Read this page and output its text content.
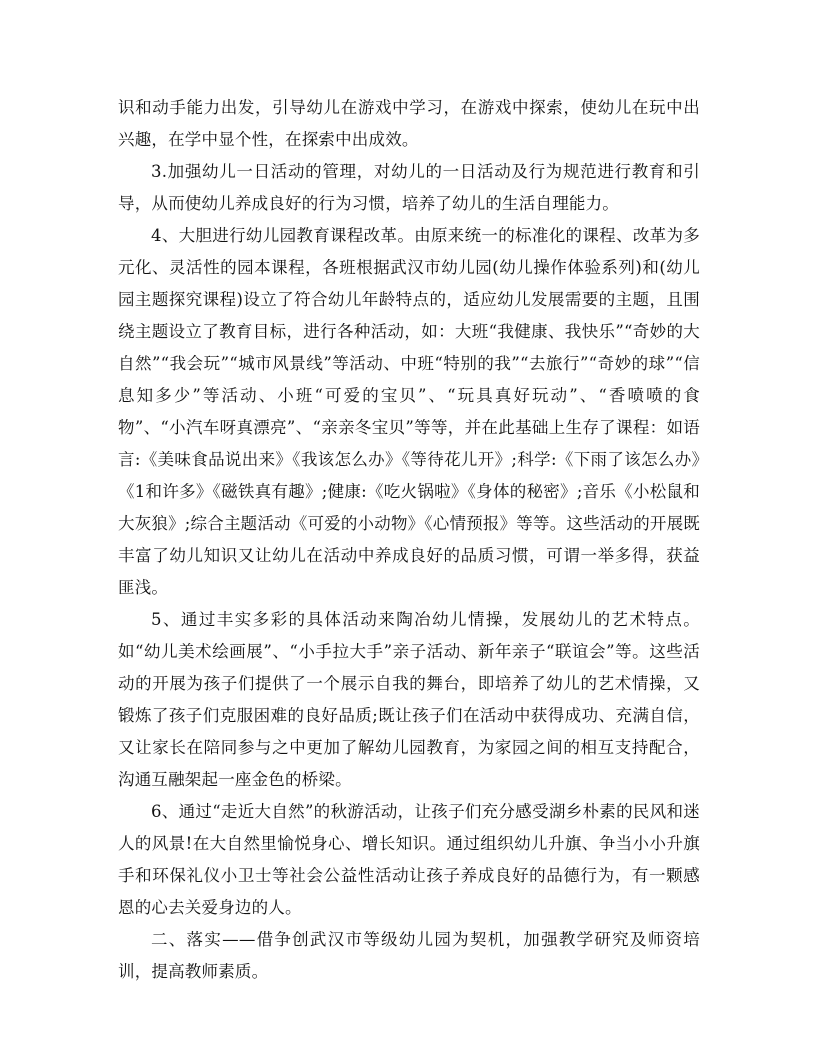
识和动手能力出发，引导幼儿在游戏中学习，在游戏中探索，使幼儿在玩中出兴趣，在学中显个性，在探索中出成效。

3.加强幼儿一日活动的管理，对幼儿的一日活动及行为规范进行教育和引导，从而使幼儿养成良好的行为习惯，培养了幼儿的生活自理能力。

4、大胆进行幼儿园教育课程改革。由原来统一的标准化的课程、改革为多元化、灵活性的园本课程，各班根据武汉市幼儿园(幼儿操作体验系列)和(幼儿园主题探究课程)设立了符合幼儿年龄特点的，适应幼儿发展需要的主题，且围绕主题设立了教育目标，进行各种活动，如：大班“我健康、我快乐”“奇妙的大自然”“我会玩”“城市风景线”等活动、中班“特别的我”“去旅行”“奇妙的球”“信息知多少”等活动、小班“可爱的宝贝”、“玩具真好玩动”、“香喷喷的食物”、“小汽车呀真漂亮”、“亲亲冬宝贝”等等，并在此基础上生存了课程：如语言:《美味食品说出来》《我该怎么办》《等待花儿开》;科学:《下雨了该怎么办》《1和许多》《磁铁真有趣》;健康:《吃火锅啦》《身体的秘密》;音乐《小松鼠和大灰狼》;综合主题活动《可爱的小动物》《心情预报》等等。这些活动的开展既丰富了幼儿知识又让幼儿在活动中养成良好的品质习惯，可谓一举多得，获益匪浅。

5、通过丰实多彩的具体活动来陶冶幼儿情操，发展幼儿的艺术特点。如“幼儿美术绘画展”、“小手拉大手”亲子活动、新年亲子“联谊会”等。这些活动的开展为孩子们提供了一个展示自我的舞台，即培养了幼儿的艺术情操，又锻炼了孩子们克服困难的良好品质;既让孩子们在活动中获得成功、充满自信，又让家长在陪同参与之中更加了解幼儿园教育，为家园之间的相互支持配合，沟通互融架起一座金色的桥梁。

6、通过“走近大自然”的秋游活动，让孩子们充分感受湖乡朴素的民风和迷人的风景!在大自然里愉悦身心、增长知识。通过组织幼儿升旗、争当小小升旗手和环保礼仪小卫士等社会公益性活动让孩子养成良好的品德行为，有一颗感恩的心去关爱身边的人。

二、落实——借争创武汉市等级幼儿园为契机，加强教学研究及师资培训，提高教师素质。
